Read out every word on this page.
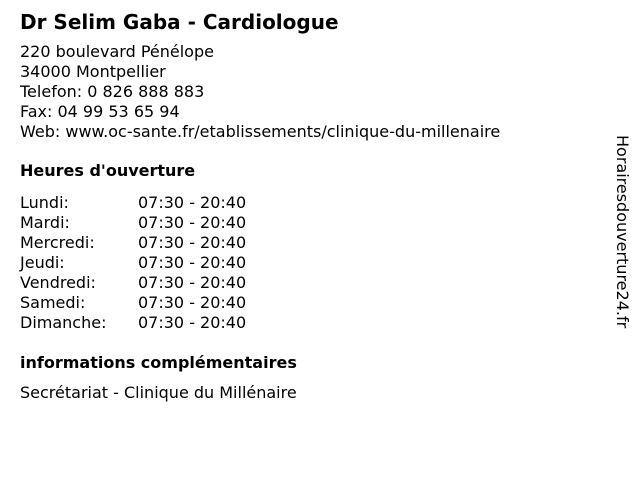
Dr Selim Gaba - Cardiologue
220 boulevard Pénélope
34000 Montpellier
Telefon: 0 826 888 883
Fax: 04 99 53 65 94
Web: www.oc-sante.fr/etablissements/clinique-du-millenaire
Heures d'ouverture
Lundi:	07:30 - 20:40
Mardi:	07:30 - 20:40
Mercredi:	07:30 - 20:40
Jeudi:	07:30 - 20:40
Vendredi:	07:30 - 20:40
Samedi:	07:30 - 20:40
Dimanche:	07:30 - 20:40
informations complémentaires
Secrétariat - Clinique du Millénaire
Horairesdouverture24.fr
